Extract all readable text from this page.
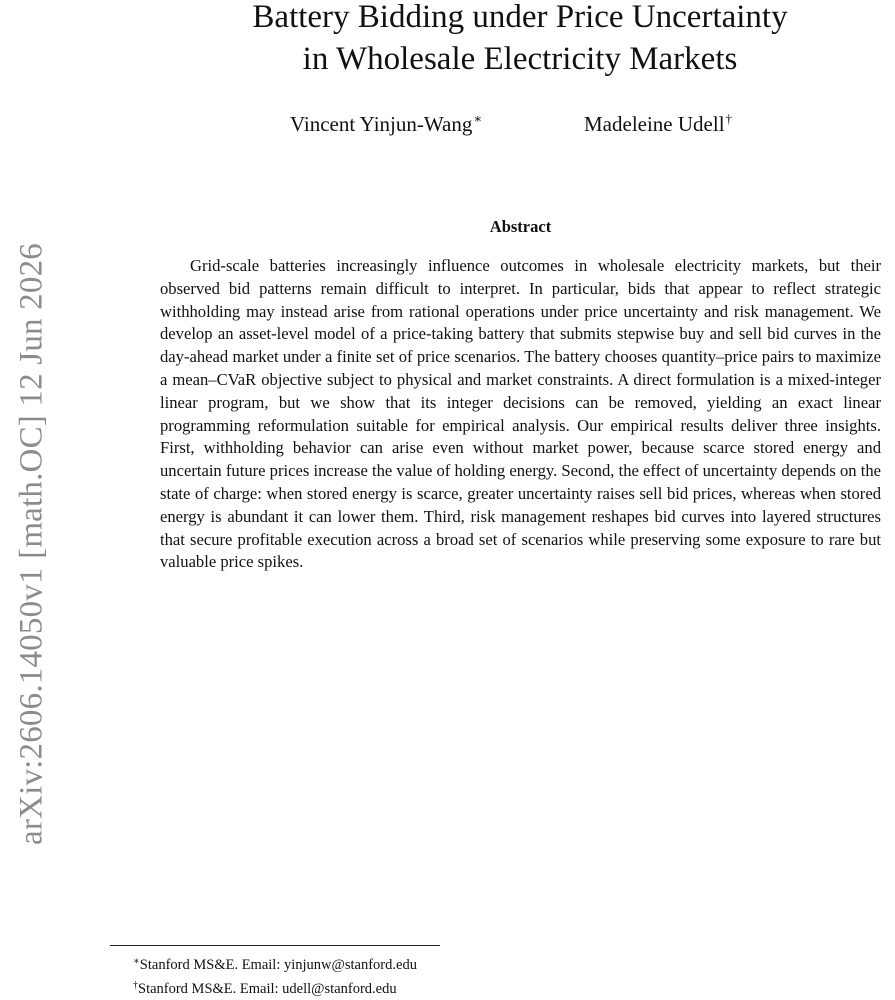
arXiv:2606.14050v1 [math.OC] 12 Jun 2026
Battery Bidding under Price Uncertainty
in Wholesale Electricity Markets
Vincent Yinjun-Wang∗	Madeleine Udell†
Abstract

Grid-scale batteries increasingly influence outcomes in wholesale electricity markets, but their observed bid patterns remain difficult to interpret. In particular, bids that appear to reflect strategic withholding may instead arise from rational operations under price uncertainty and risk management. We develop an asset-level model of a price-taking battery that submits stepwise buy and sell bid curves in the day-ahead market under a finite set of price scenarios. The battery chooses quantity–price pairs to maximize a mean–CVaR objective subject to physical and market constraints. A direct formulation is a mixed-integer linear program, but we show that its integer decisions can be removed, yielding an exact linear programming reformulation suitable for empirical analysis. Our empirical results deliver three insights. First, withholding behavior can arise even without market power, because scarce stored energy and uncertain future prices increase the value of holding energy. Second, the effect of uncertainty depends on the state of charge: when stored energy is scarce, greater uncertainty raises sell bid prices, whereas when stored energy is abundant it can lower them. Third, risk management reshapes bid curves into layered structures that secure profitable execution across a broad set of scenarios while preserving some exposure to rare but valuable price spikes.

∗Stanford MS&E. Email: yinjunw@stanford.edu
†Stanford MS&E. Email: udell@stanford.edu
